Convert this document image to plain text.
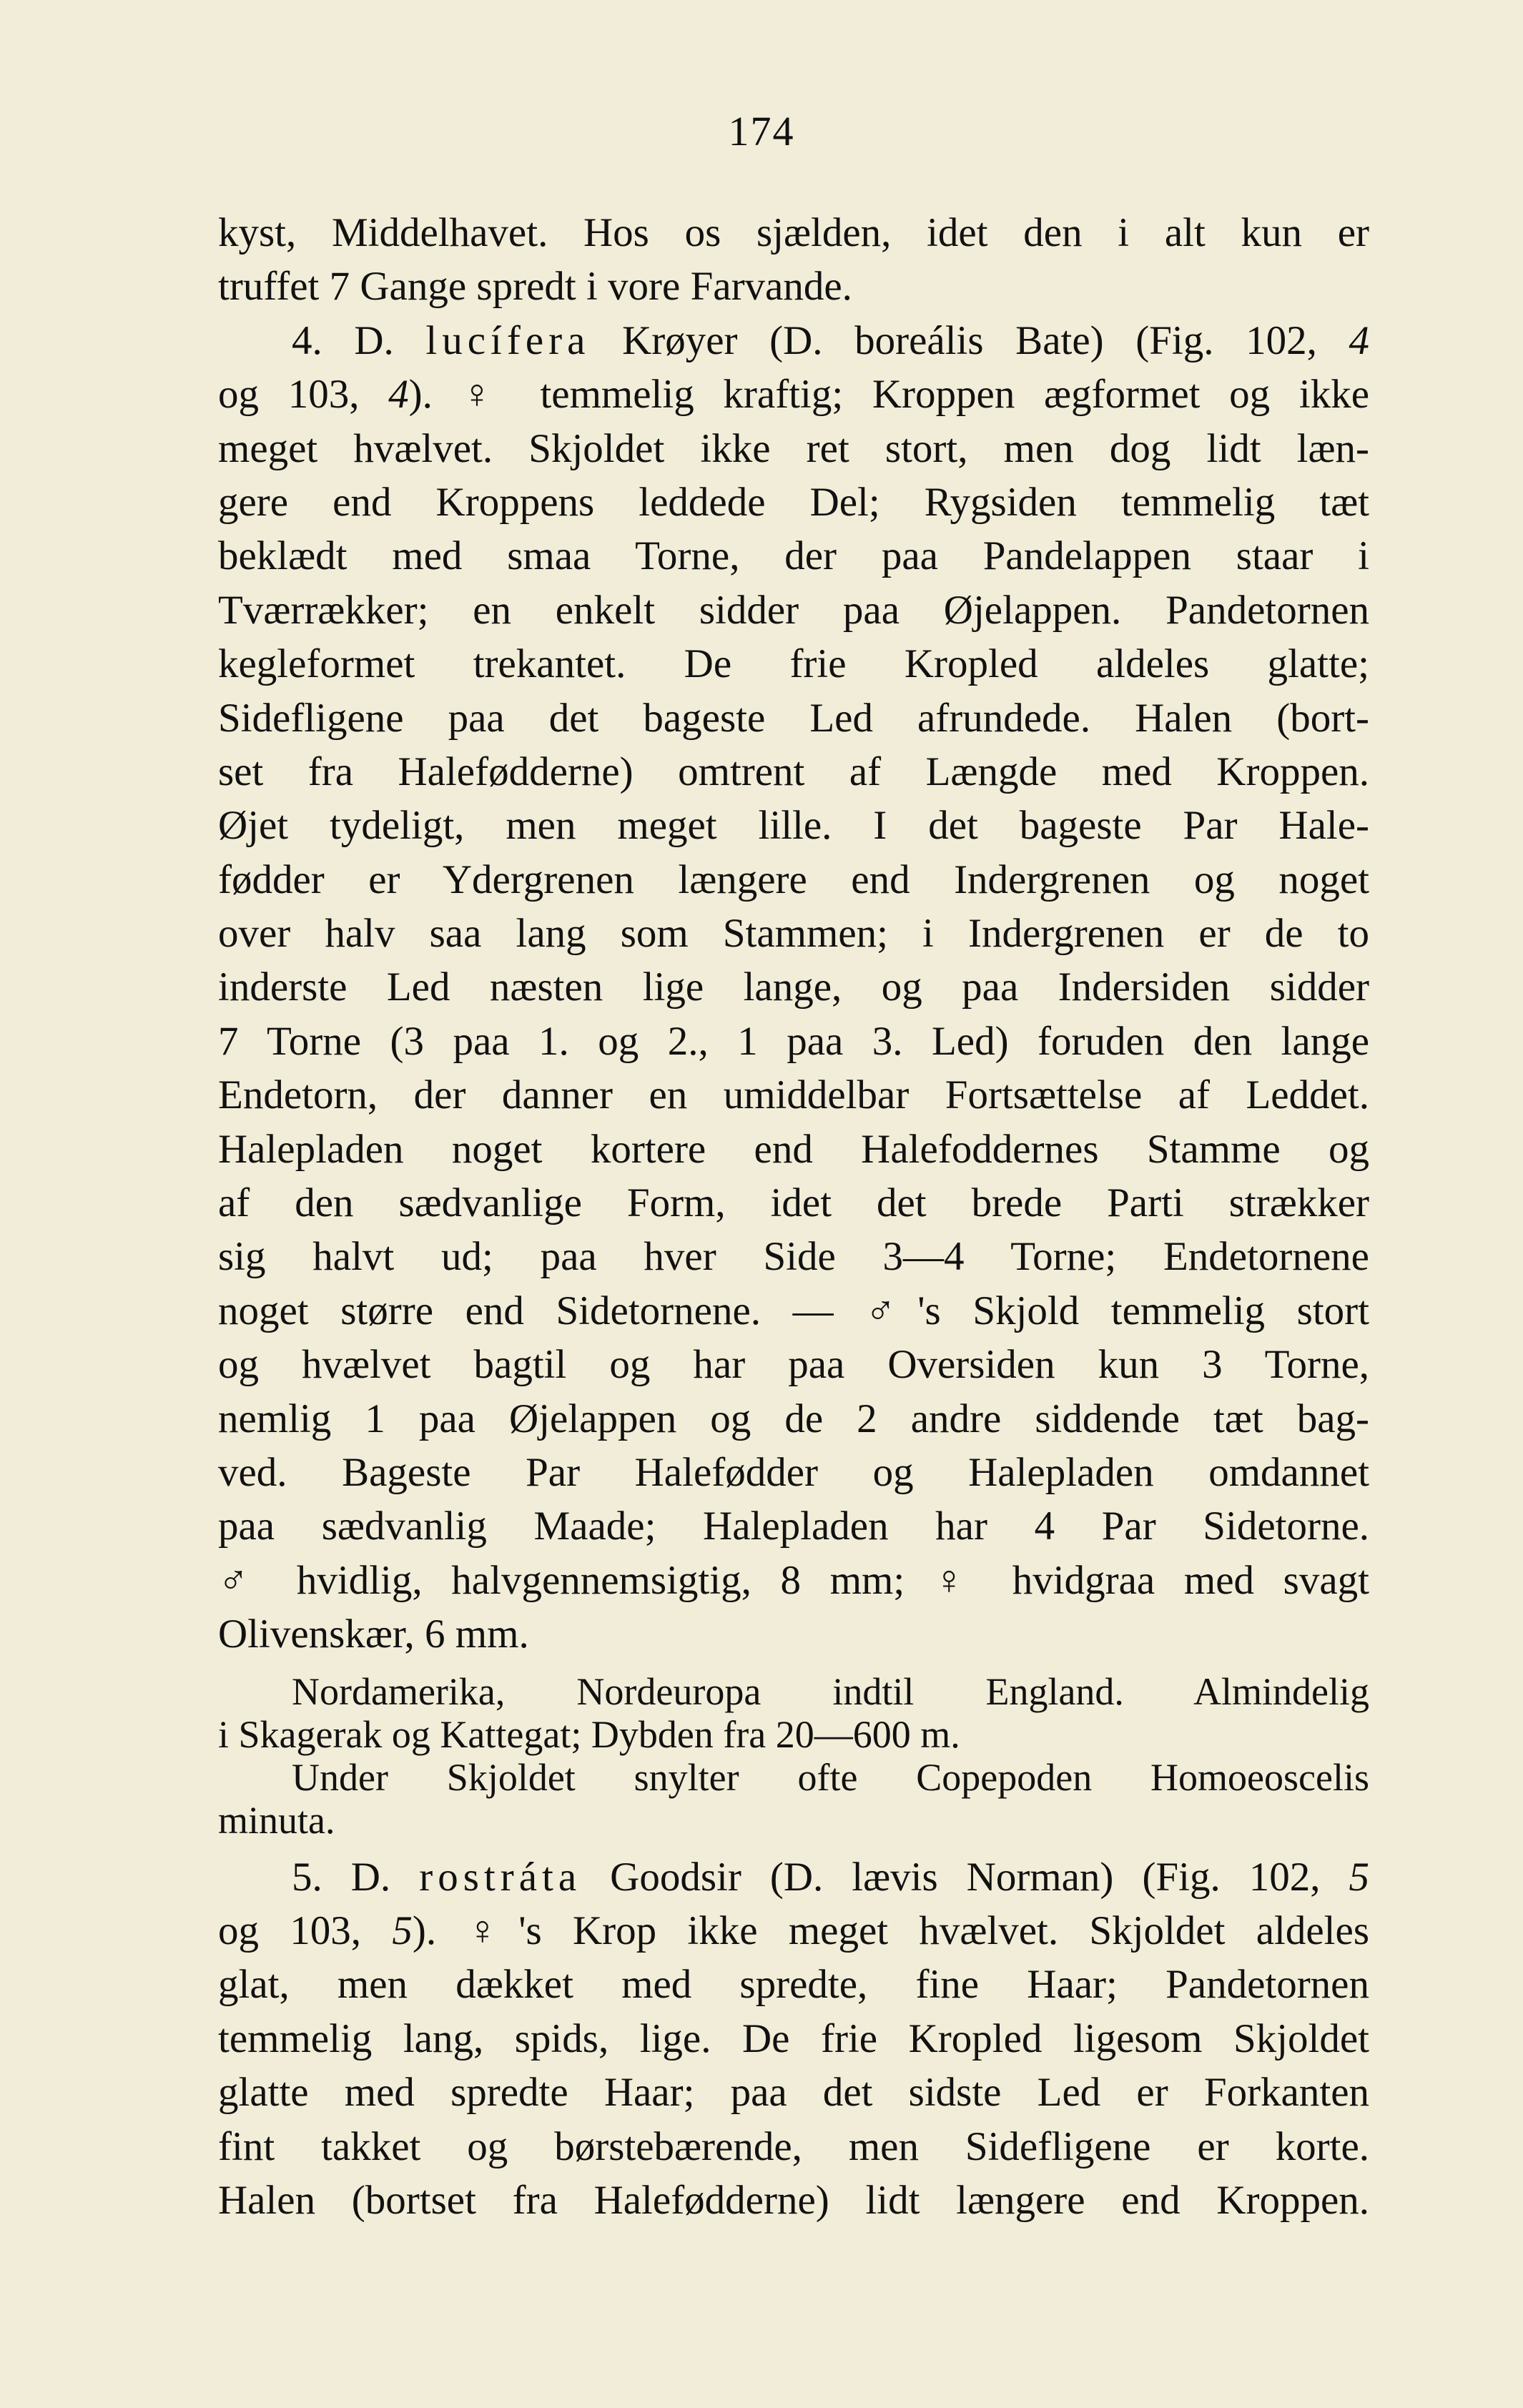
174
kyst, Middelhavet. Hos os sjælden, idet den i alt kun er
truffet 7 Gange spredt i vore Farvande.
4. D. lucífera Krøyer (D. boreális Bate) (Fig. 102, 4
og 103, 4). ♀ temmelig kraftig; Kroppen ægformet og ikke
meget hvælvet. Skjoldet ikke ret stort, men dog lidt læn-
gere end Kroppens leddede Del; Rygsiden temmelig tæt
beklædt med smaa Torne, der paa Pandelappen staar i
Tværrækker; en enkelt sidder paa Øjelappen. Pandetornen
kegleformet trekantet. De frie Kropled aldeles glatte;
Sidefligene paa det bageste Led afrundede. Halen (bort-
set fra Halefødderne) omtrent af Længde med Kroppen.
Øjet tydeligt, men meget lille. I det bageste Par Hale-
fødder er Ydergrenen længere end Indergrenen og noget
over halv saa lang som Stammen; i Indergrenen er de to
inderste Led næsten lige lange, og paa Indersiden sidder
7 Torne (3 paa 1. og 2., 1 paa 3. Led) foruden den lange
Endetorn, der danner en umiddelbar Fortsættelse af Leddet.
Halepladen noget kortere end Halefoddernes Stamme og
af den sædvanlige Form, idet det brede Parti strækker
sig halvt ud; paa hver Side 3—4 Torne; Endetornene
noget større end Sidetornene. — ♂'s Skjold temmelig stort
og hvælvet bagtil og har paa Oversiden kun 3 Torne,
nemlig 1 paa Øjelappen og de 2 andre siddende tæt bag-
ved. Bageste Par Halefødder og Halepladen omdannet
paa sædvanlig Maade; Halepladen har 4 Par Sidetorne.
♂ hvidlig, halvgennemsigtig, 8 mm; ♀ hvidgraa med svagt
Olivenskær, 6 mm.
Nordamerika, Nordeuropa indtil England. Almindelig
i Skagerak og Kattegat; Dybden fra 20—600 m.
Under Skjoldet snylter ofte Copepoden Homoeoscelis
minuta.
5. D. rostráta Goodsir (D. lævis Norman) (Fig. 102, 5
og 103, 5). ♀'s Krop ikke meget hvælvet. Skjoldet aldeles
glat, men dækket med spredte, fine Haar; Pandetornen
temmelig lang, spids, lige. De frie Kropled ligesom Skjoldet
glatte med spredte Haar; paa det sidste Led er Forkanten
fint takket og børstebærende, men Sidefligene er korte.
Halen (bortset fra Halefødderne) lidt længere end Kroppen.
